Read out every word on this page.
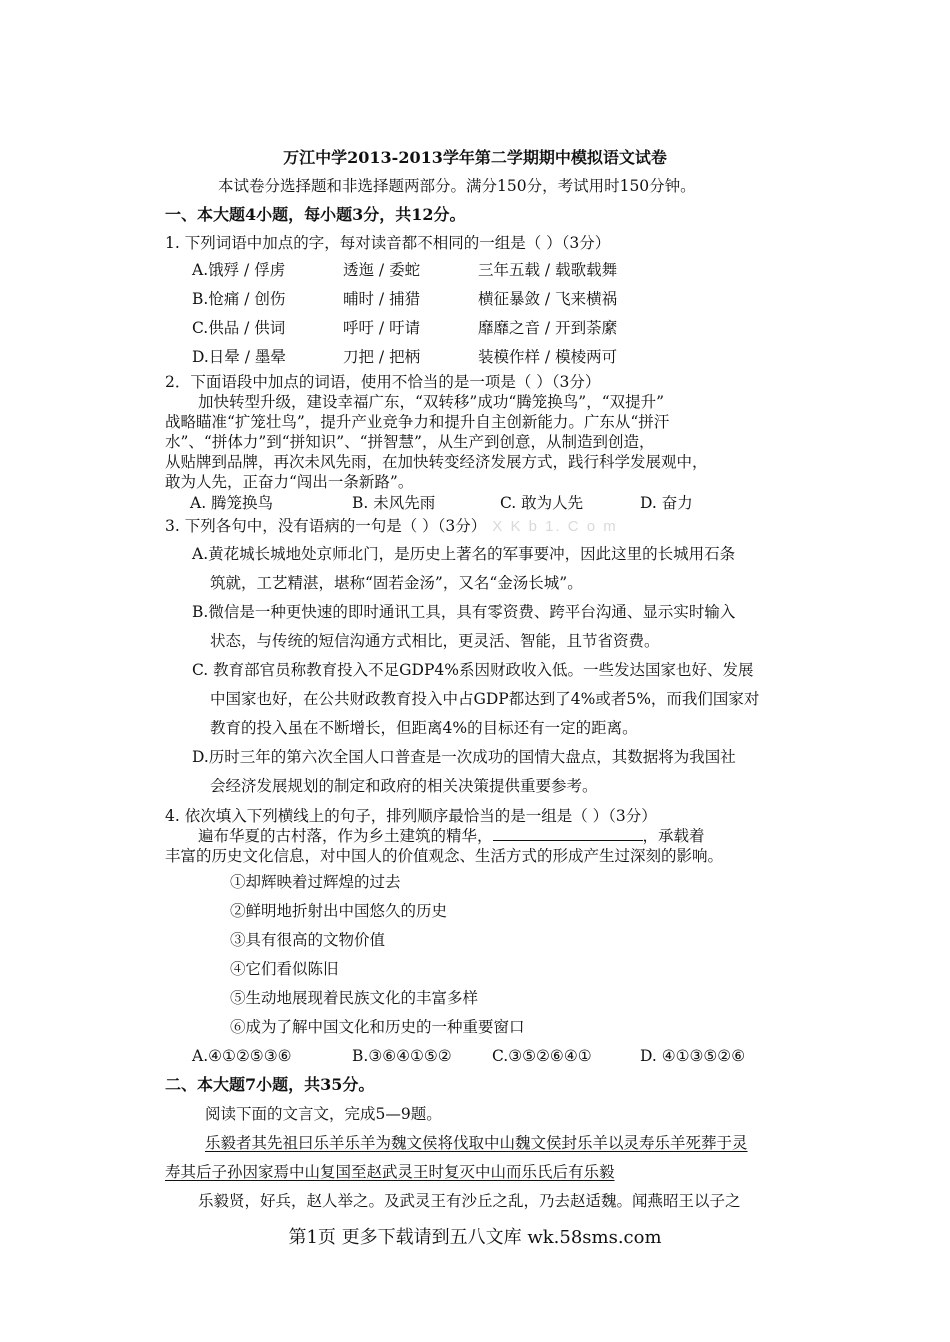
万江中学2013-2013学年第二学期期中模拟语文试卷
本试卷分选择题和非选择题两部分。满分150分，考试用时150分钟。
一、本大题4小题，每小题3分，共12分。
1. 下列词语中加点的字，每对读音都不相同的一组是（ ）（3分）
A.饿殍 / 俘虏	透迤 / 委蛇	三年五载 / 载歌载舞
B.怆痛 / 创伤	晡时 / 捕猎	横征暴敛 / 飞来横祸
C.供品 / 供词	呼吁 / 吁请	靡靡之音 / 开到荼縻
D.日晕 / 墨晕	刀把 / 把柄	装模作样 / 模棱两可
2．下面语段中加点的词语，使用不恰当的是一项是（ ）（3分）
加快转型升级，建设幸福广东，“双转移”成功“腾笼换鸟”，“双提升”
战略瞄准“扩笼壮鸟”，提升产业竞争力和提升自主创新能力。广东从“拼汗
水”、“拼体力”到“拼知识”、“拼智慧”，从生产到创意，从制造到创造，
从贴牌到品牌，再次未风先雨，在加快转变经济发展方式，践行科学发展观中，
敢为人先，正奋力“闯出一条新路”。
A. 腾笼换鸟	B. 未风先雨	C. 敢为人先	D. 奋力
3. 下列各句中，没有语病的一句是（ ）（3分） X K b 1. C o m
A.黄花城长城地处京师北门，是历史上著名的军事要冲，因此这里的长城用石条
筑就，工艺精湛，堪称“固若金汤”，又名“金汤长城”。
B.微信是一种更快速的即时通讯工具，具有零资费、跨平台沟通、显示实时输入
状态，与传统的短信沟通方式相比，更灵活、智能，且节省资费。
C. 教育部官员称教育投入不足GDP4%系因财政收入低。一些发达国家也好、发展
中国家也好，在公共财政教育投入中占GDP都达到了4%或者5%，而我们国家对
教育的投入虽在不断增长，但距离4%的目标还有一定的距离。
D.历时三年的第六次全国人口普查是一次成功的国情大盘点，其数据将为我国社
会经济发展规划的制定和政府的相关决策提供重要参考。
4. 依次填入下列横线上的句子，排列顺序最恰当的是一组是（ ）（3分）
遍布华夏的古村落，作为乡土建筑的精华，	，承载着
丰富的历史文化信息，对中国人的价值观念、生活方式的形成产生过深刻的影响。
①却辉映着过辉煌的过去
②鲜明地折射出中国悠久的历史
③具有很高的文物价值
④它们看似陈旧
⑤生动地展现着民族文化的丰富多样
⑥成为了解中国文化和历史的一种重要窗口
A.④①②⑤③⑥	B.③⑥④①⑤②	C.③⑤②⑥④①	D. ④①③⑤②⑥
二、本大题7小题，共35分。
阅读下面的文言文，完成5—9题。
乐毅者其先祖曰乐羊乐羊为魏文侯将伐取中山魏文侯封乐羊以灵寿乐羊死葬于灵
寿其后子孙因家焉中山复国至赵武灵王时复灭中山而乐氏后有乐毅
乐毅贤，好兵，赵人举之。及武灵王有沙丘之乱，乃去赵适魏。闻燕昭王以子之
第1页 更多下载请到五八文库 wk.58sms.com
